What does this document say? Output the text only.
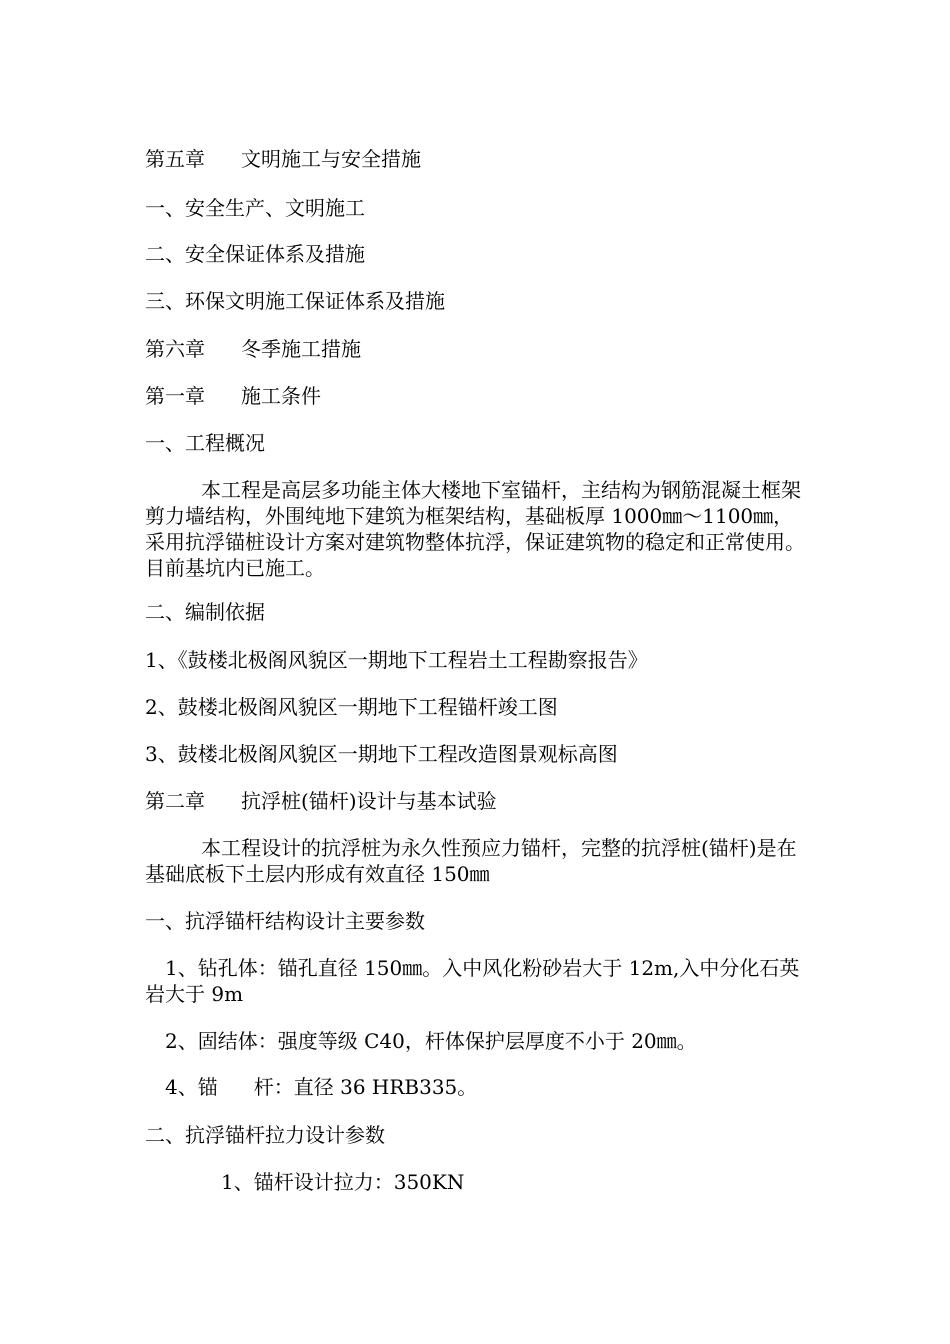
第五章 文明施工与安全措施
一、安全生产、文明施工
二、安全保证体系及措施
三、环保文明施工保证体系及措施
第六章 冬季施工措施
第一章 施工条件
一、工程概况
本工程是高层多功能主体大楼地下室锚杆，主结构为钢筋混凝土框架剪力墙结构，外围纯地下建筑为框架结构，基础板厚 1000㎜～1100㎜，采用抗浮锚桩设计方案对建筑物整体抗浮，保证建筑物的稳定和正常使用。目前基坑内已施工。
二、编制依据
1、《鼓楼北极阁风貌区一期地下工程岩土工程勘察报告》
2、鼓楼北极阁风貌区一期地下工程锚杆竣工图
3、鼓楼北极阁风貌区一期地下工程改造图景观标高图
第二章 抗浮桩(锚杆)设计与基本试验
本工程设计的抗浮桩为永久性预应力锚杆，完整的抗浮桩(锚杆)是在基础底板下土层内形成有效直径 150㎜
一、抗浮锚杆结构设计主要参数
1、钻孔体：锚孔直径 150㎜。入中风化粉砂岩大于 12m,入中分化石英岩大于 9m
2、固结体：强度等级 C40，杆体保护层厚度不小于 20㎜。
4、锚 杆：直径 36 HRB335。
二、抗浮锚杆拉力设计参数
1、锚杆设计拉力：350KN
